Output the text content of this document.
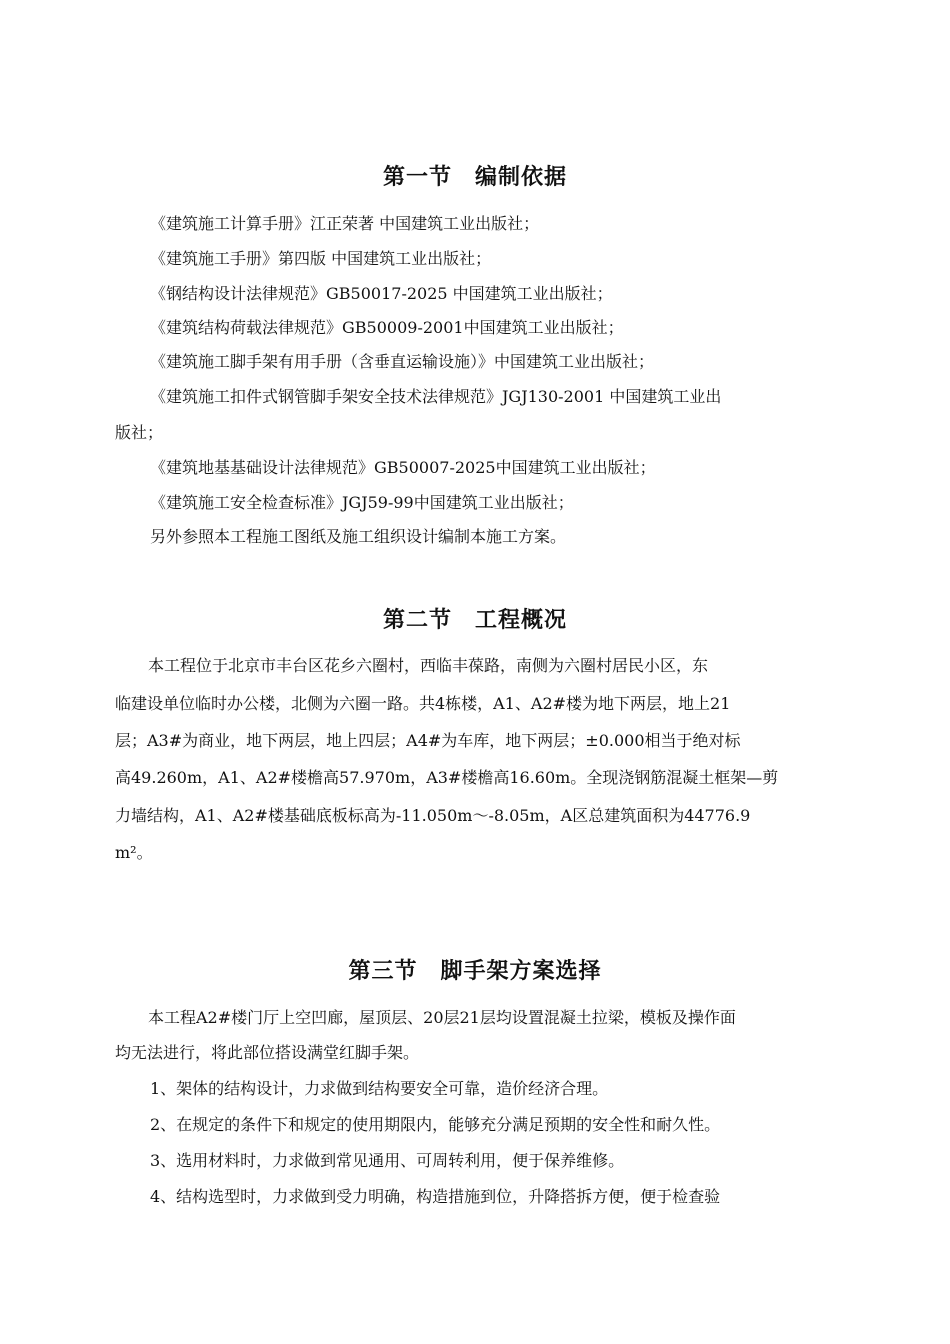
第一节　编制依据
《建筑施工计算手册》江正荣著 中国建筑工业出版社；
《建筑施工手册》第四版 中国建筑工业出版社；
《钢结构设计法律规范》GB50017-2025 中国建筑工业出版社；
《建筑结构荷载法律规范》GB50009-2001中国建筑工业出版社；
《建筑施工脚手架有用手册（含垂直运输设施）》中国建筑工业出版社；
《建筑施工扣件式钢管脚手架安全技术法律规范》JGJ130-2001 中国建筑工业出
版社；
《建筑地基基础设计法律规范》GB50007-2025中国建筑工业出版社；
《建筑施工安全检查标准》JGJ59-99中国建筑工业出版社；
另外参照本工程施工图纸及施工组织设计编制本施工方案。
第二节　工程概况
本工程位于北京市丰台区花乡六圈村，西临丰葆路，南侧为六圈村居民小区，东
临建设单位临时办公楼，北侧为六圈一路。共4栋楼，A1、A2#楼为地下两层，地上21
层；A3#为商业，地下两层，地上四层；A4#为车库，地下两层；±0.000相当于绝对标
高49.260m，A1、A2#楼檐高57.970m，A3#楼檐高16.60m。全现浇钢筋混凝土框架—剪
力墙结构，A1、A2#楼基础底板标高为-11.050m～-8.05m，A区总建筑面积为44776.9
m²。
第三节　脚手架方案选择
本工程A2#楼门厅上空凹廊，屋顶层、20层21层均设置混凝土拉梁，模板及操作面
均无法进行，将此部位搭设满堂红脚手架。
1、架体的结构设计，力求做到结构要安全可靠，造价经济合理。
2、在规定的条件下和规定的使用期限内，能够充分满足预期的安全性和耐久性。
3、选用材料时，力求做到常见通用、可周转利用，便于保养维修。
4、结构选型时，力求做到受力明确，构造措施到位，升降搭拆方便，便于检查验
